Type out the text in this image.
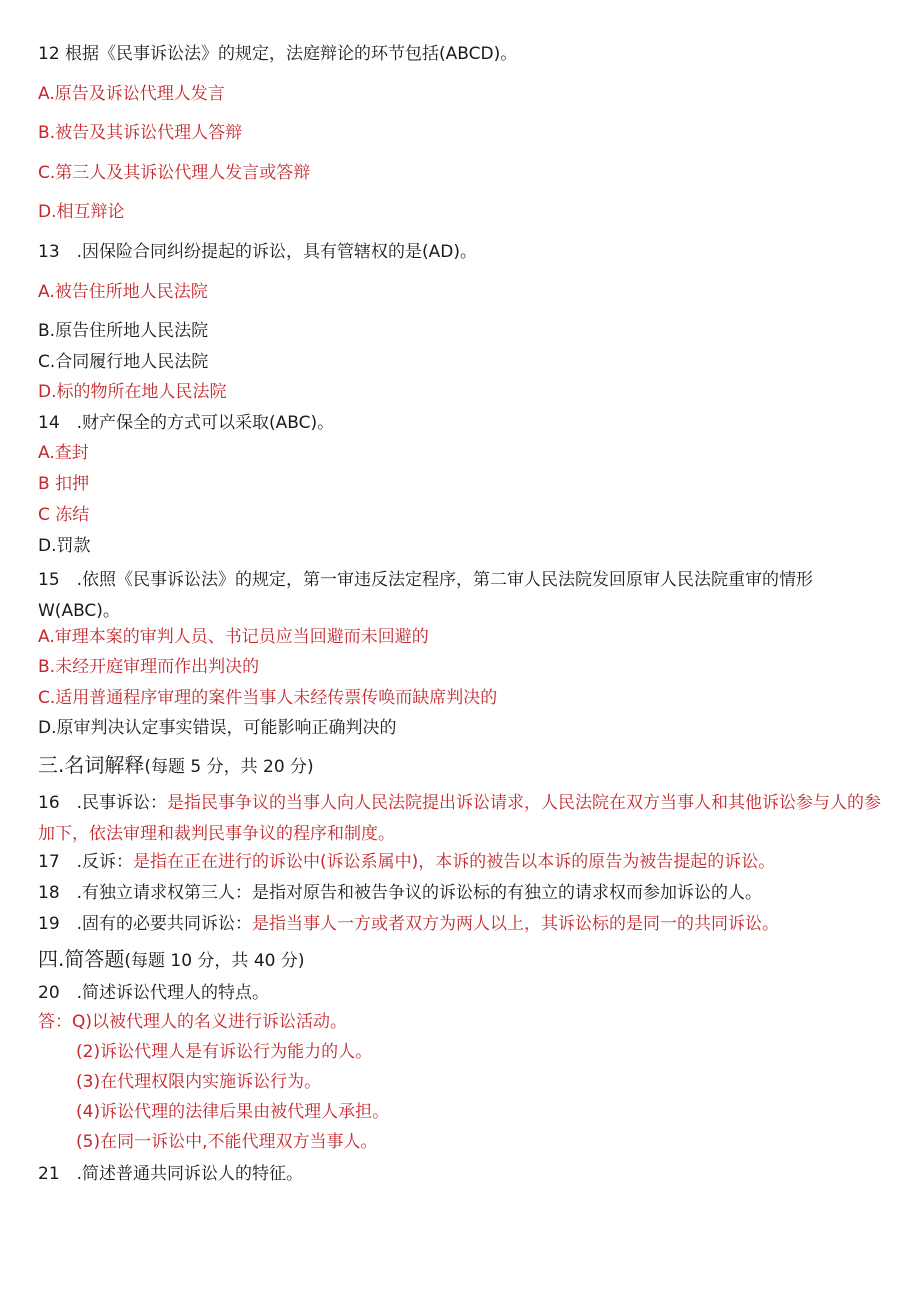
12 根据《民事诉讼法》的规定，法庭辩论的环节包括(ABCD)。
A.原告及诉讼代理人发言
B.被告及其诉讼代理人答辩
C.第三人及其诉讼代理人发言或答辩
D.相互辩论
13　.因保险合同纠纷提起的诉讼，具有管辖权的是(AD)。
A.被告住所地人民法院
B.原告住所地人民法院
C.合同履行地人民法院
D.标的物所在地人民法院
14　.财产保全的方式可以采取(ABC)。
A.查封
B 扣押
C 冻结
D.罚款
15　.依照《民事诉讼法》的规定，第一审违反法定程序，第二审人民法院发回原审人民法院重审的情形W(ABC)。
A.审理本案的审判人员、书记员应当回避而未回避的
B.未经开庭审理而作出判决的
C.适用普通程序审理的案件当事人未经传票传唤而缺席判决的
D.原审判决认定事实错误，可能影响正确判决的
三.名词解释(每题 5 分，共 20 分)
16　.民事诉讼：是指民事争议的当事人向人民法院提出诉讼请求，人民法院在双方当事人和其他诉讼参与人的参加下，依法审理和裁判民事争议的程序和制度。
17　.反诉：是指在正在进行的诉讼中(诉讼系属中)，本诉的被告以本诉的原告为被告提起的诉讼。
18　.有独立请求权第三人：是指对原告和被告争议的诉讼标的有独立的请求权而参加诉讼的人。
19　.固有的必要共同诉讼：是指当事人一方或者双方为两人以上，其诉讼标的是同一的共同诉讼。
四.简答题(每题 10 分，共 40 分)
20　.简述诉讼代理人的特点。
答：Q)以被代理人的名义进行诉讼活动。
(2)诉讼代理人是有诉讼行为能力的人。
(3)在代理权限内实施诉讼行为。
(4)诉讼代理的法律后果由被代理人承担。
(5)在同一诉讼中,不能代理双方当事人。
21　.简述普通共同诉讼人的特征。
